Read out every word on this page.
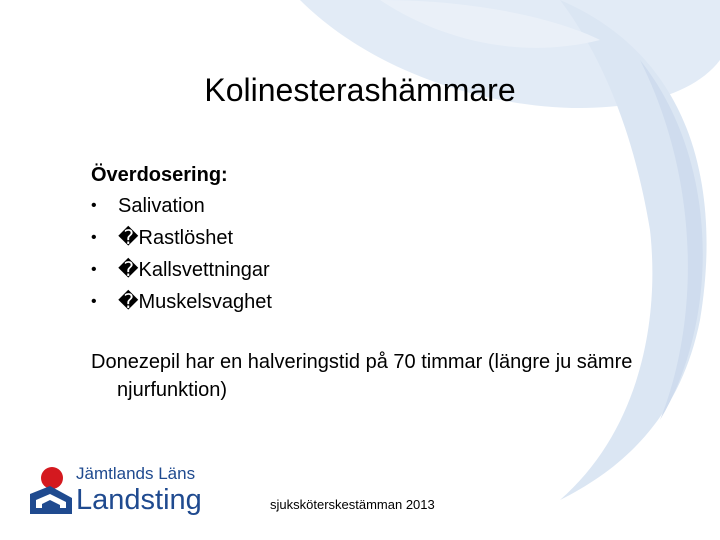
Kolinesterashämmare
Överdosering:
•	Salivation
•	�Rastlöshet
•	�Kallsvettningar
•	�Muskelsvaghet
Donezepil har en halveringstid på 70 timmar (längre ju sämre njurfunktion)
Jämtlands Läns
Landsting	sjuksköterskestämman 2013
